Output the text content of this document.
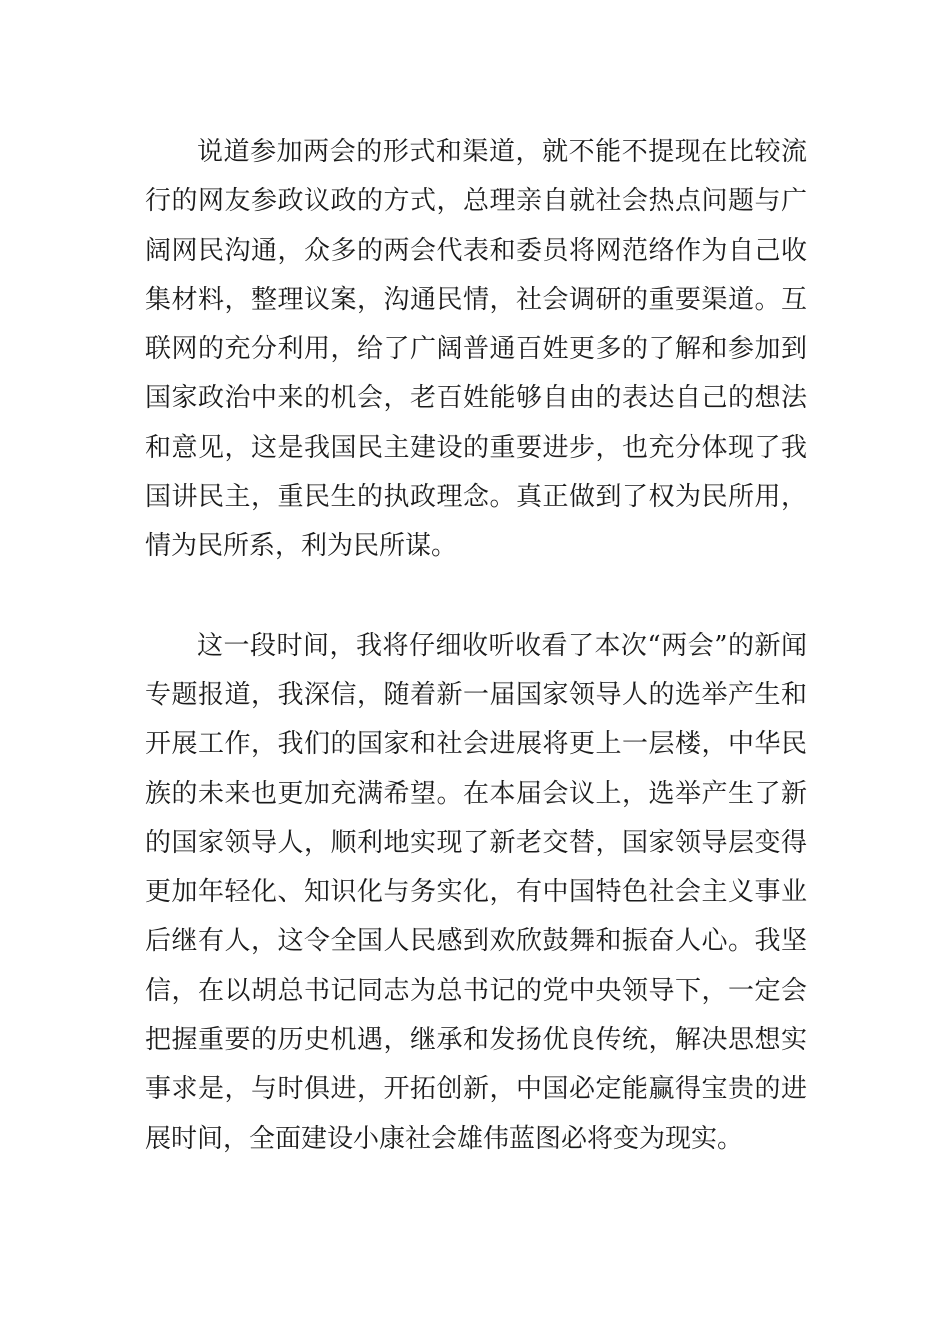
说道参加两会的形式和渠道，就不能不提现在比较流行的网友参政议政的方式，总理亲自就社会热点问题与广阔网民沟通，众多的两会代表和委员将网范络作为自己收集材料，整理议案，沟通民情，社会调研的重要渠道。互联网的充分利用，给了广阔普通百姓更多的了解和参加到国家政治中来的机会，老百姓能够自由的表达自己的想法和意见，这是我国民主建设的重要进步，也充分体现了我国讲民主，重民生的执政理念。真正做到了权为民所用，情为民所系，利为民所谋。

这一段时间，我将仔细收听收看了本次“两会”的新闻专题报道，我深信，随着新一届国家领导人的选举产生和开展工作，我们的国家和社会进展将更上一层楼，中华民族的未来也更加充满希望。在本届会议上，选举产生了新的国家领导人，顺利地实现了新老交替，国家领导层变得更加年轻化、知识化与务实化，有中国特色社会主义事业后继有人，这令全国人民感到欢欣鼓舞和振奋人心。我坚信，在以胡总书记同志为总书记的党中央领导下，一定会把握重要的历史机遇，继承和发扬优良传统，解决思想实事求是，与时俱进，开拓创新，中国必定能赢得宝贵的进展时间，全面建设小康社会雄伟蓝图必将变为现实。
